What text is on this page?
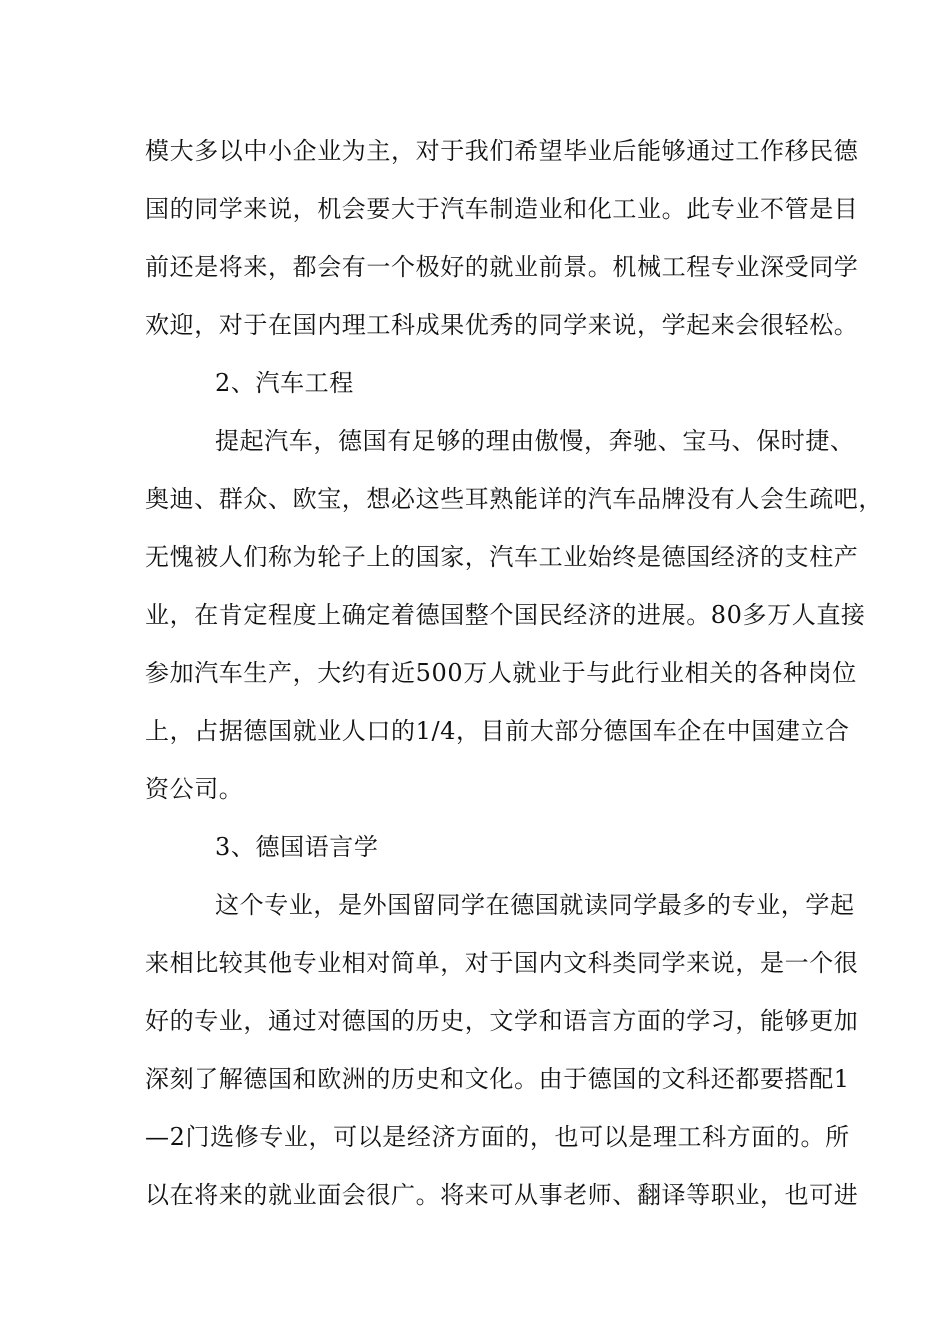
模大多以中小企业为主，对于我们希望毕业后能够通过工作移民德
国的同学来说，机会要大于汽车制造业和化工业。此专业不管是目
前还是将来，都会有一个极好的就业前景。机械工程专业深受同学
欢迎，对于在国内理工科成果优秀的同学来说，学起来会很轻松。
2、汽车工程
提起汽车，德国有足够的理由傲慢，奔驰、宝马、保时捷、
奥迪、群众、欧宝，想必这些耳熟能详的汽车品牌没有人会生疏吧，
无愧被人们称为轮子上的国家，汽车工业始终是德国经济的支柱产
业，在肯定程度上确定着德国整个国民经济的进展。80多万人直接
参加汽车生产，大约有近500万人就业于与此行业相关的各种岗位
上，占据德国就业人口的1/4，目前大部分德国车企在中国建立合
资公司。
3、德国语言学
这个专业，是外国留同学在德国就读同学最多的专业，学起
来相比较其他专业相对简单，对于国内文科类同学来说，是一个很
好的专业，通过对德国的历史，文学和语言方面的学习，能够更加
深刻了解德国和欧洲的历史和文化。由于德国的文科还都要搭配1
—2门选修专业，可以是经济方面的，也可以是理工科方面的。所
以在将来的就业面会很广。将来可从事老师、翻译等职业，也可进
